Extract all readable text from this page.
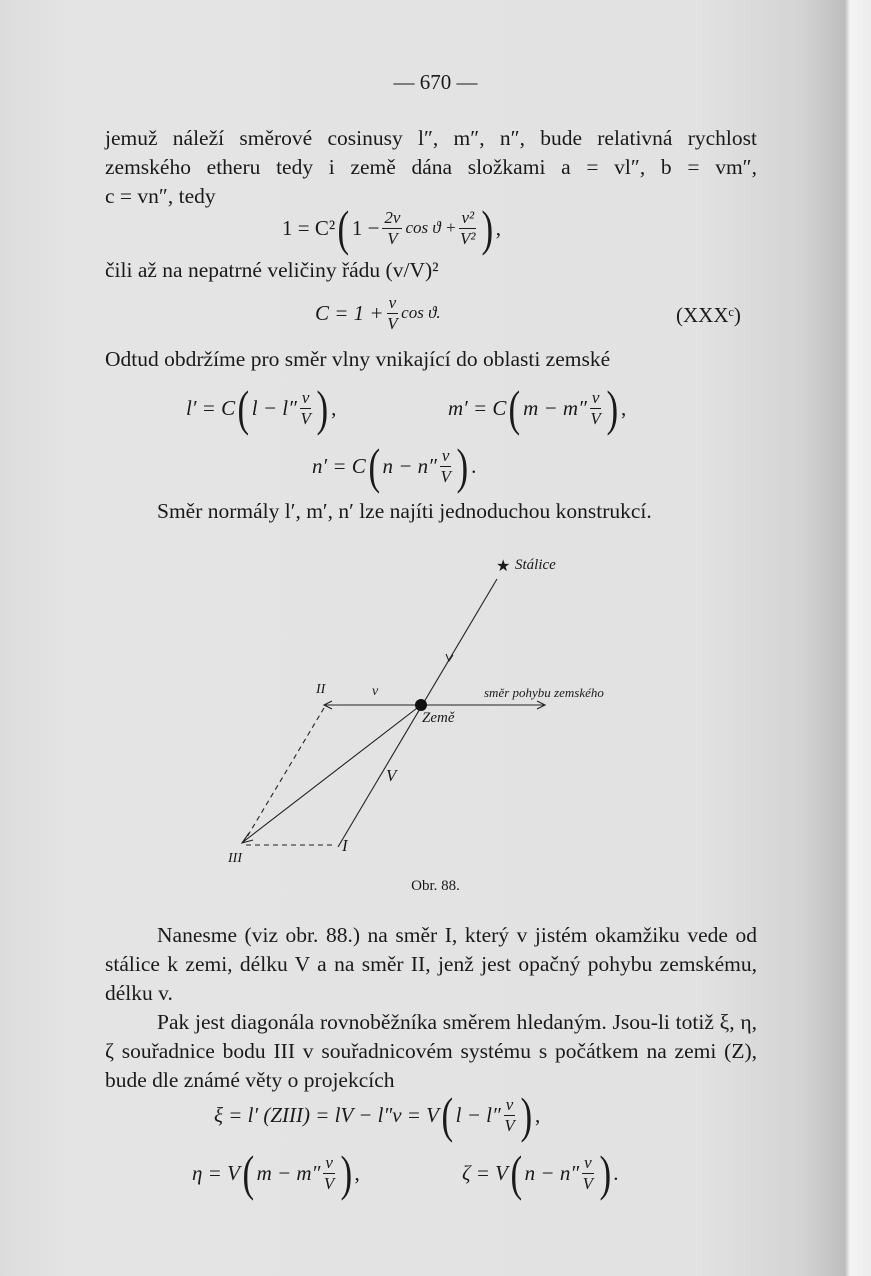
— 670 —
jemuž náleží směrové cosinusy l″, m″, n″, bude relativná rychlost
zemského etheru tedy i země dána složkami a = vl″, b = vm″,
c = vn″, tedy
1 = C² ( $1 - \frac{2v}{V}$ $\cos ϑ + \frac{\text{v²}}{\text{V²}}$ ) ,
čili až na nepatrné veličiny řádu (v/V)²
$C = 1 + \frac{v}{V}$ cos ϑ.	(XXXᶜ)
Odtud obdržíme pro směr vlny vnikající do oblasti zemské
l′ = C ( $l - l'' \frac{v}{V}$ ) ,	m′ = C ( $m - m'' \frac{v}{V}$ ) ,
n′ = C ( $n - n'' \frac{v}{V}$ ) .
Směr normály l′, m′, n′ lze najíti jednoduchou konstrukcí.
★ Stálice
Země
směr pohybu zemského
v
V
I
II
III
Obr. 88.
Nanesme (viz obr. 88.) na směr I, který v jistém okamžiku vede od stálice k zemi, délku V a na směr II, jenž jest opačný pohybu zemskému, délku v.
Pak jest diagonála rovnoběžníka směrem hledaným. Jsou-li totiž ξ, η, ζ souřadnice bodu III v souřadnicovém systému s počátkem na zemi (Z), bude dle známé věty o projekcích
ξ = l′ (ZIII) = lV − l″v = V ( $l - l'' \frac{v}{V}$ ) ,
η = V ( $m - m'' \frac{v}{V}$ ) ,	ζ = V ( $n - n'' \frac{v}{V}$ ) .
